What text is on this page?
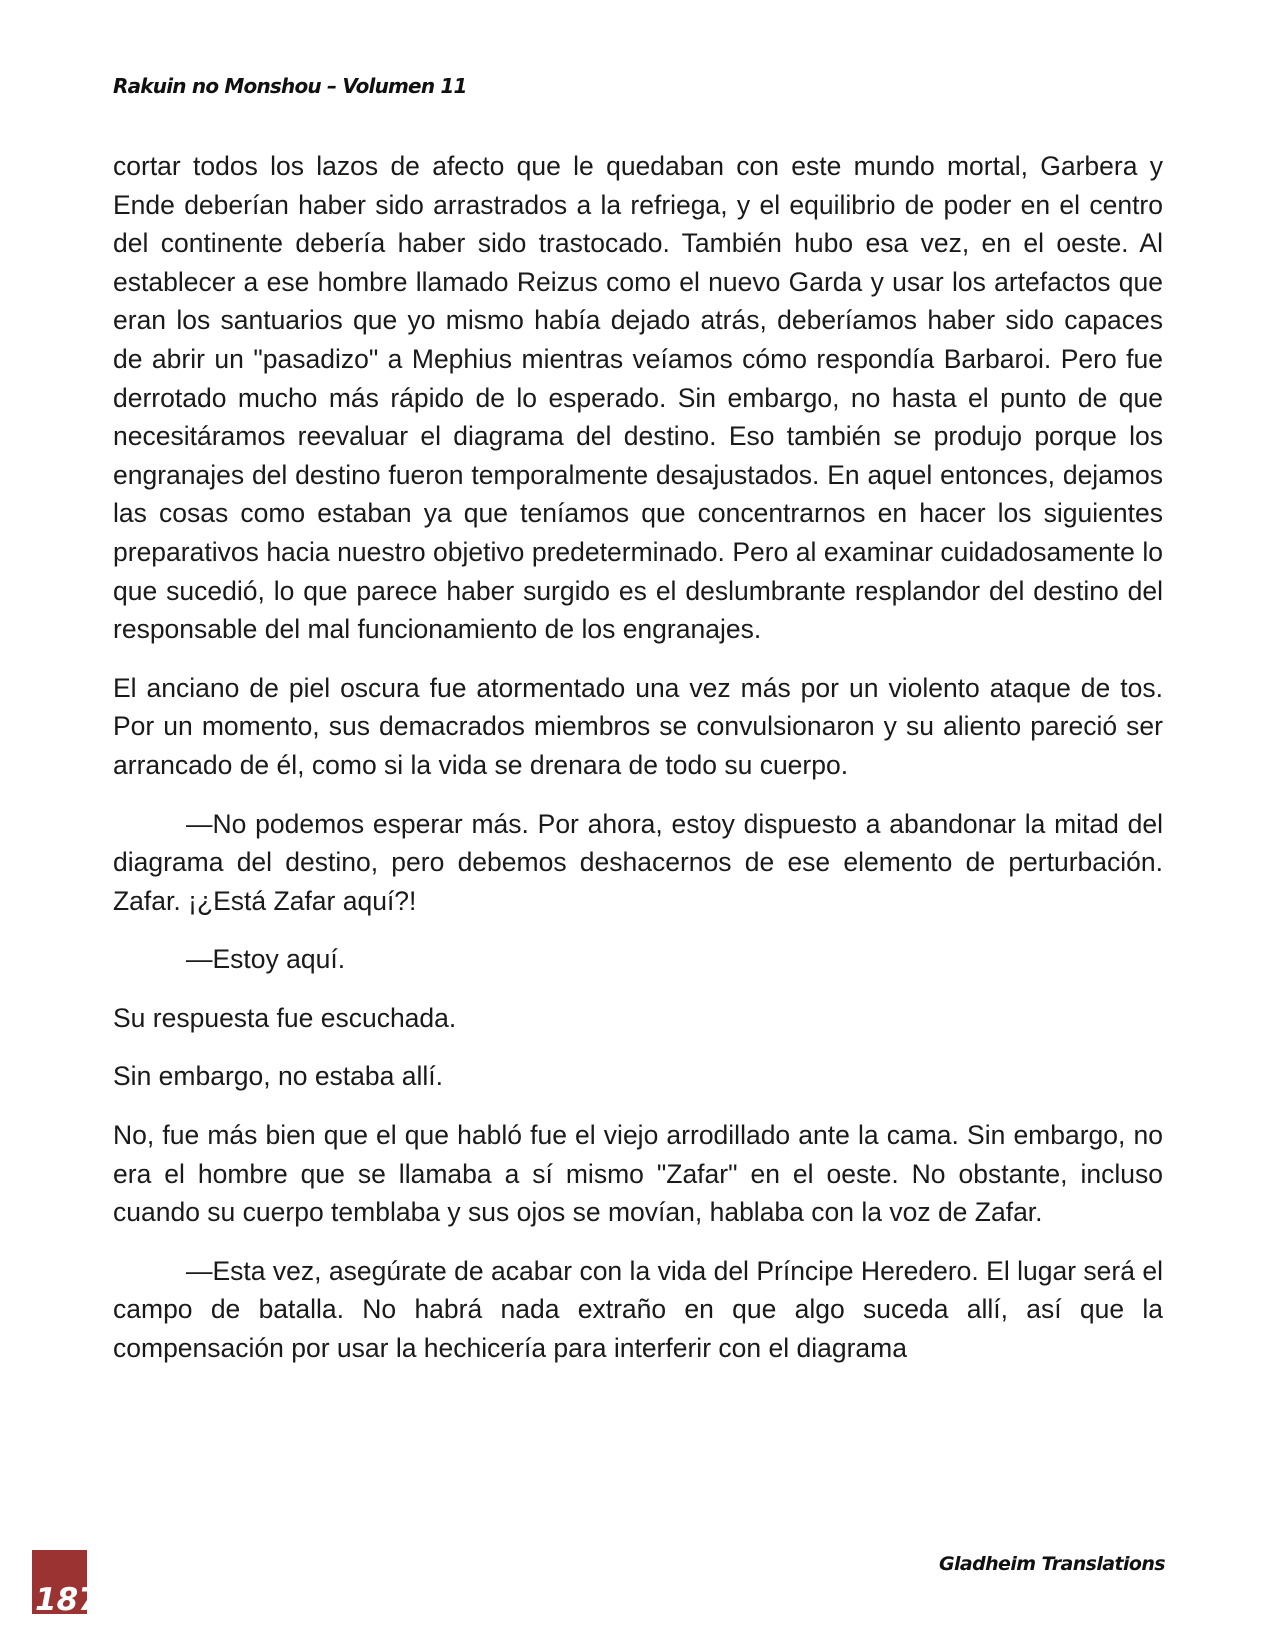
Rakuin no Monshou – Volumen 11

cortar todos los lazos de afecto que le quedaban con este mundo mortal, Garbera y Ende deberían haber sido arrastrados a la refriega, y el equilibrio de poder en el centro del continente debería haber sido trastocado. También hubo esa vez, en el oeste. Al establecer a ese hombre llamado Reizus como el nuevo Garda y usar los artefactos que eran los santuarios que yo mismo había dejado atrás, deberíamos haber sido capaces de abrir un "pasadizo" a Mephius mientras veíamos cómo respondía Barbaroi. Pero fue derrotado mucho más rápido de lo esperado. Sin embargo, no hasta el punto de que necesitáramos reevaluar el diagrama del destino. Eso también se produjo porque los engranajes del destino fueron temporalmente desajustados. En aquel entonces, dejamos las cosas como estaban ya que teníamos que concentrarnos en hacer los siguientes preparativos hacia nuestro objetivo predeterminado. Pero al examinar cuidadosamente lo que sucedió, lo que parece haber surgido es el deslumbrante resplandor del destino del responsable del mal funcionamiento de los engranajes.

El anciano de piel oscura fue atormentado una vez más por un violento ataque de tos. Por un momento, sus demacrados miembros se convulsionaron y su aliento pareció ser arrancado de él, como si la vida se drenara de todo su cuerpo.

—No podemos esperar más. Por ahora, estoy dispuesto a abandonar la mitad del diagrama del destino, pero debemos deshacernos de ese elemento de perturbación. Zafar. ¡¿Está Zafar aquí?!

—Estoy aquí.

Su respuesta fue escuchada.

Sin embargo, no estaba allí.

No, fue más bien que el que habló fue el viejo arrodillado ante la cama. Sin embargo, no era el hombre que se llamaba a sí mismo "Zafar" en el oeste. No obstante, incluso cuando su cuerpo temblaba y sus ojos se movían, hablaba con la voz de Zafar.

—Esta vez, asegúrate de acabar con la vida del Príncipe Heredero. El lugar será el campo de batalla. No habrá nada extraño en que algo suceda allí, así que la compensación por usar la hechicería para interferir con el diagrama

187
Gladheim Translations
